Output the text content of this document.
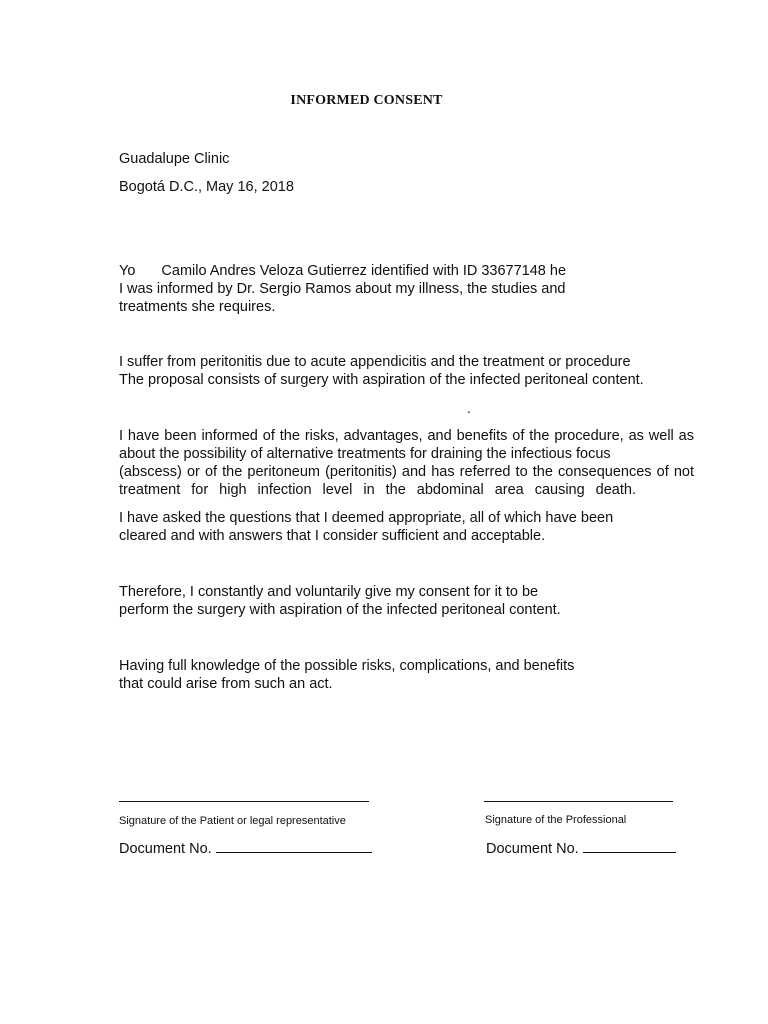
INFORMED CONSENT
Guadalupe Clinic
Bogotá D.C., May 16, 2018
Yo Camilo Andres Veloza Gutierrez identified with ID 33677148 he
I was informed by Dr. Sergio Ramos about my illness, the studies and
treatments she requires.
I suffer from peritonitis due to acute appendicitis and the treatment or procedure
The proposal consists of surgery with aspiration of the infected peritoneal content.
.
I have been informed of the risks, advantages, and benefits of the procedure, as well as
about the possibility of alternative treatments for draining the infectious focus
(abscess) or of the peritoneum (peritonitis) and has referred to the consequences of not
treatment for high infection level in the abdominal area causing death.
I have asked the questions that I deemed appropriate, all of which have been
cleared and with answers that I consider sufficient and acceptable.
Therefore, I constantly and voluntarily give my consent for it to be
perform the surgery with aspiration of the infected peritoneal content.
Having full knowledge of the possible risks, complications, and benefits
that could arise from such an act.
Signature of the Patient or legal representative	Signature of the Professional
Document No.	Document No.
